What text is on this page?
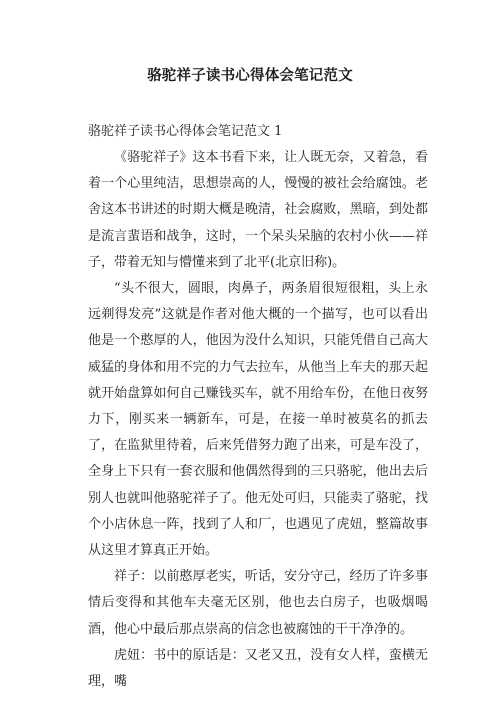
骆驼祥子读书心得体会笔记范文
骆驼祥子读书心得体会笔记范文 1

《骆驼祥子》这本书看下来，让人既无奈，又着急，看着一个心里纯洁，思想崇高的人，慢慢的被社会给腐蚀。老舍这本书讲述的时期大概是晚清，社会腐败，黑暗，到处都是流言蜚语和战争，这时，一个呆头呆脑的农村小伙——祥子，带着无知与懵懂来到了北平(北京旧称)。

“头不很大，圆眼，肉鼻子，两条眉很短很粗，头上永远剃得发亮”这就是作者对他大概的一个描写，也可以看出他是一个憨厚的人，他因为没什么知识，只能凭借自己高大威猛的身体和用不完的力气去拉车，从他当上车夫的那天起就开始盘算如何自己赚钱买车，就不用给车份，在他日夜努力下，刚买来一辆新车，可是，在接一单时被莫名的抓去了，在监狱里待着，后来凭借努力跑了出来，可是车没了，全身上下只有一套衣服和他偶然得到的三只骆驼，他出去后别人也就叫他骆驼祥子了。他无处可归，只能卖了骆驼，找个小店休息一阵，找到了人和厂，也遇见了虎妞，整篇故事从这里才算真正开始。

祥子：以前憨厚老实，听话，安分守己，经历了许多事情后变得和其他车夫毫无区别，他也去白房子，也吸烟喝酒，他心中最后那点崇高的信念也被腐蚀的干干净净的。

虎妞：书中的原话是：又老又丑，没有女人样，蛮横无理，嘴
